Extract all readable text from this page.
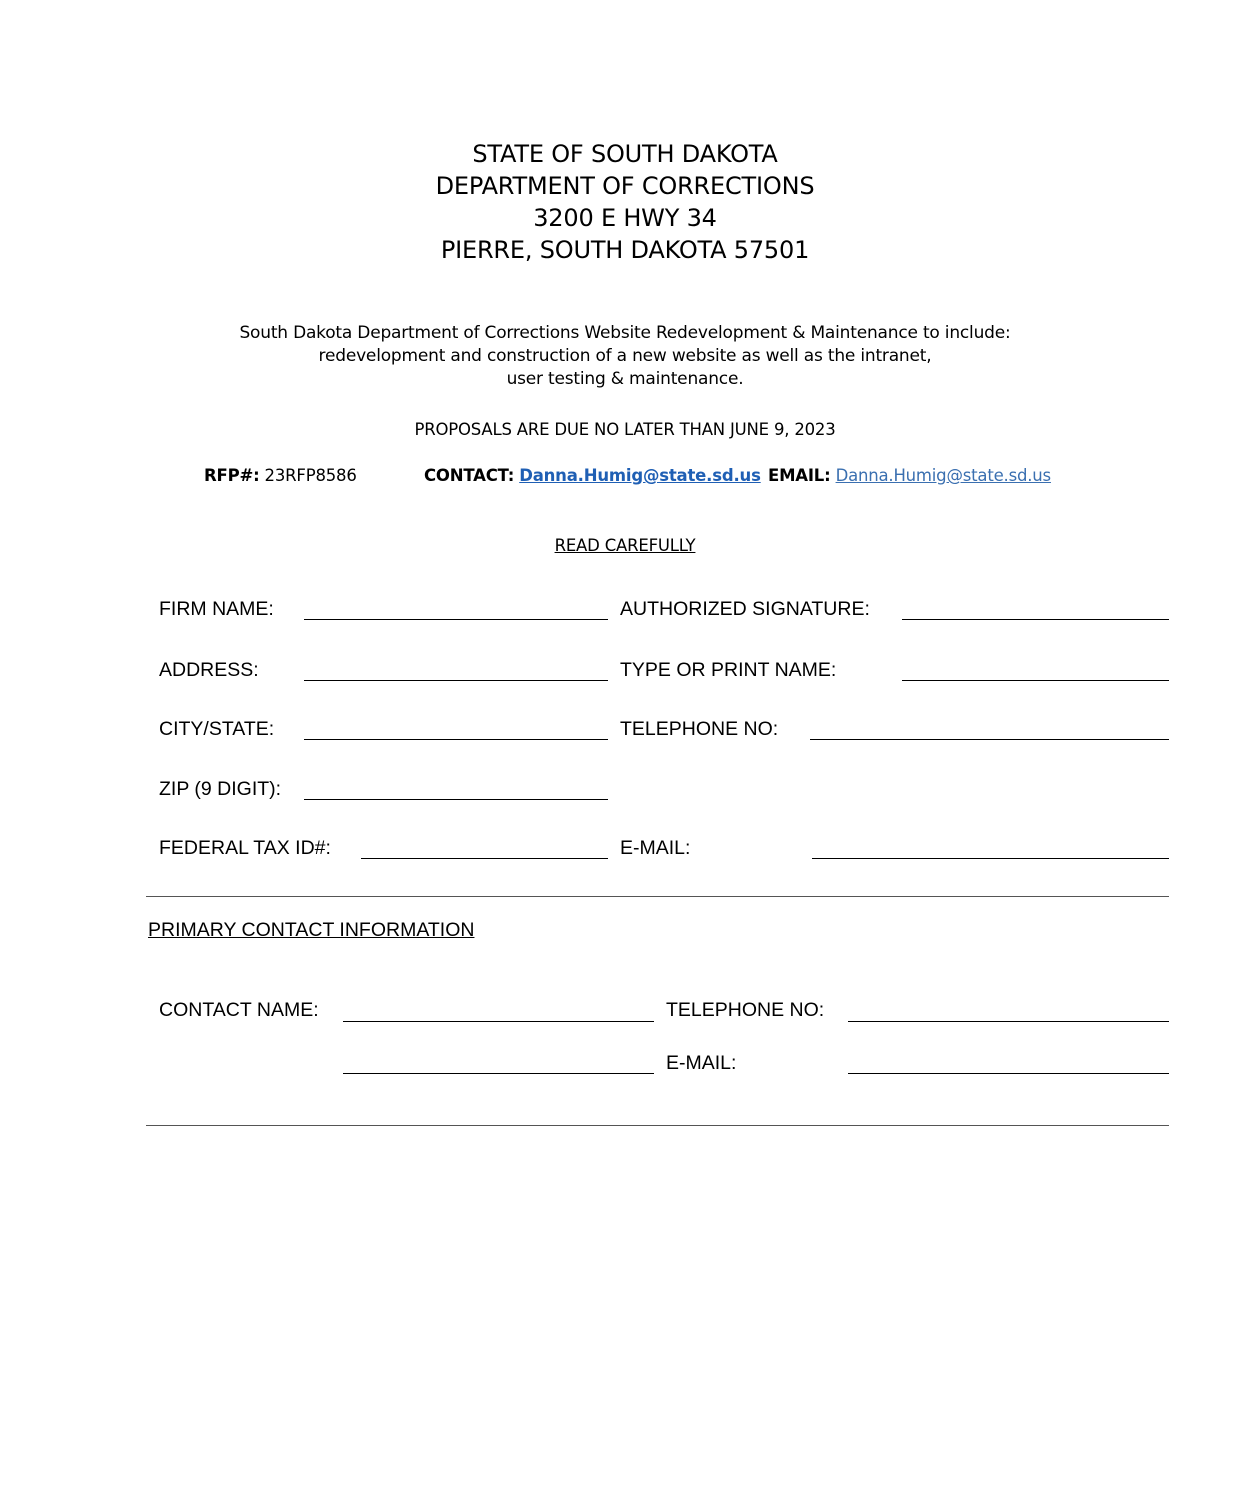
STATE OF SOUTH DAKOTA
DEPARTMENT OF CORRECTIONS
3200 E HWY 34
PIERRE, SOUTH DAKOTA 57501
South Dakota Department of Corrections Website Redevelopment & Maintenance to include:
redevelopment and construction of a new website as well as the intranet,
user testing & maintenance.
PROPOSALS ARE DUE NO LATER THAN JUNE 9, 2023
RFP#: 23RFP8586	CONTACT: Danna.Humig@state.sd.us EMAIL: Danna.Humig@state.sd.us
READ CAREFULLY
FIRM NAME:	AUTHORIZED SIGNATURE:
ADDRESS:	TYPE OR PRINT NAME:
CITY/STATE:	TELEPHONE NO:
ZIP (9 DIGIT):
FEDERAL TAX ID#:	E-MAIL:
PRIMARY CONTACT INFORMATION
CONTACT NAME:	TELEPHONE NO:
E-MAIL:
